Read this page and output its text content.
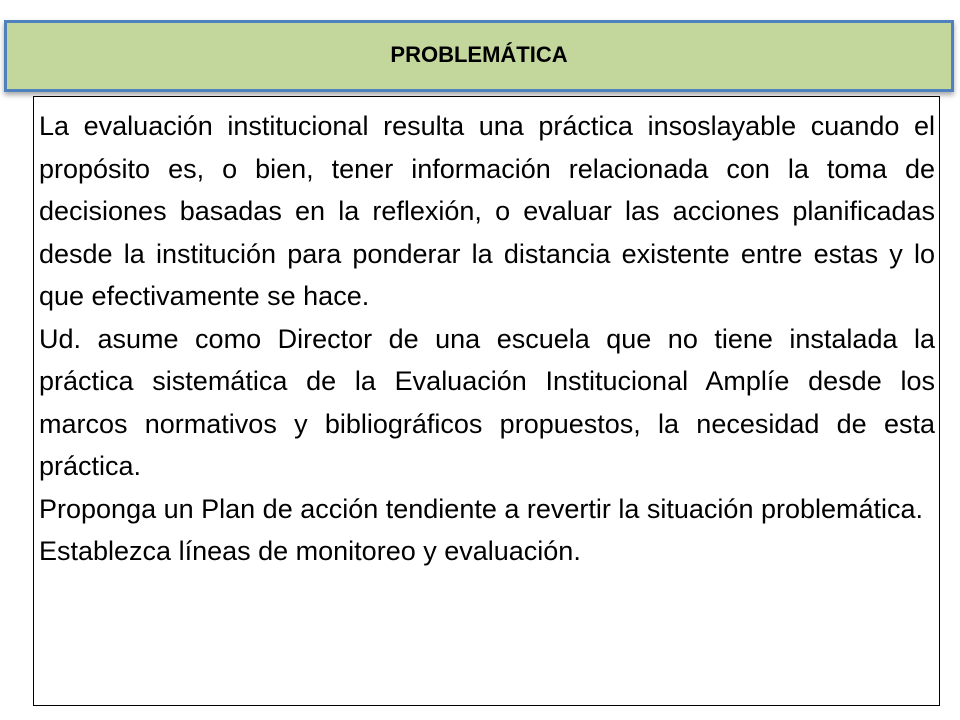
PROBLEMÁTICA

La evaluación institucional resulta una práctica insoslayable cuando el propósito es, o bien, tener información relacionada con la toma de decisiones basadas en la reflexión, o evaluar las acciones planificadas desde la institución para ponderar la distancia existente entre estas y lo que efectivamente se hace.

Ud. asume como Director de una escuela que no tiene instalada la práctica sistemática de la Evaluación Institucional Amplíe desde los marcos normativos y bibliográficos propuestos, la necesidad de esta práctica.

Proponga un Plan de acción tendiente a revertir la situación problemática.

Establezca líneas de monitoreo y evaluación.
